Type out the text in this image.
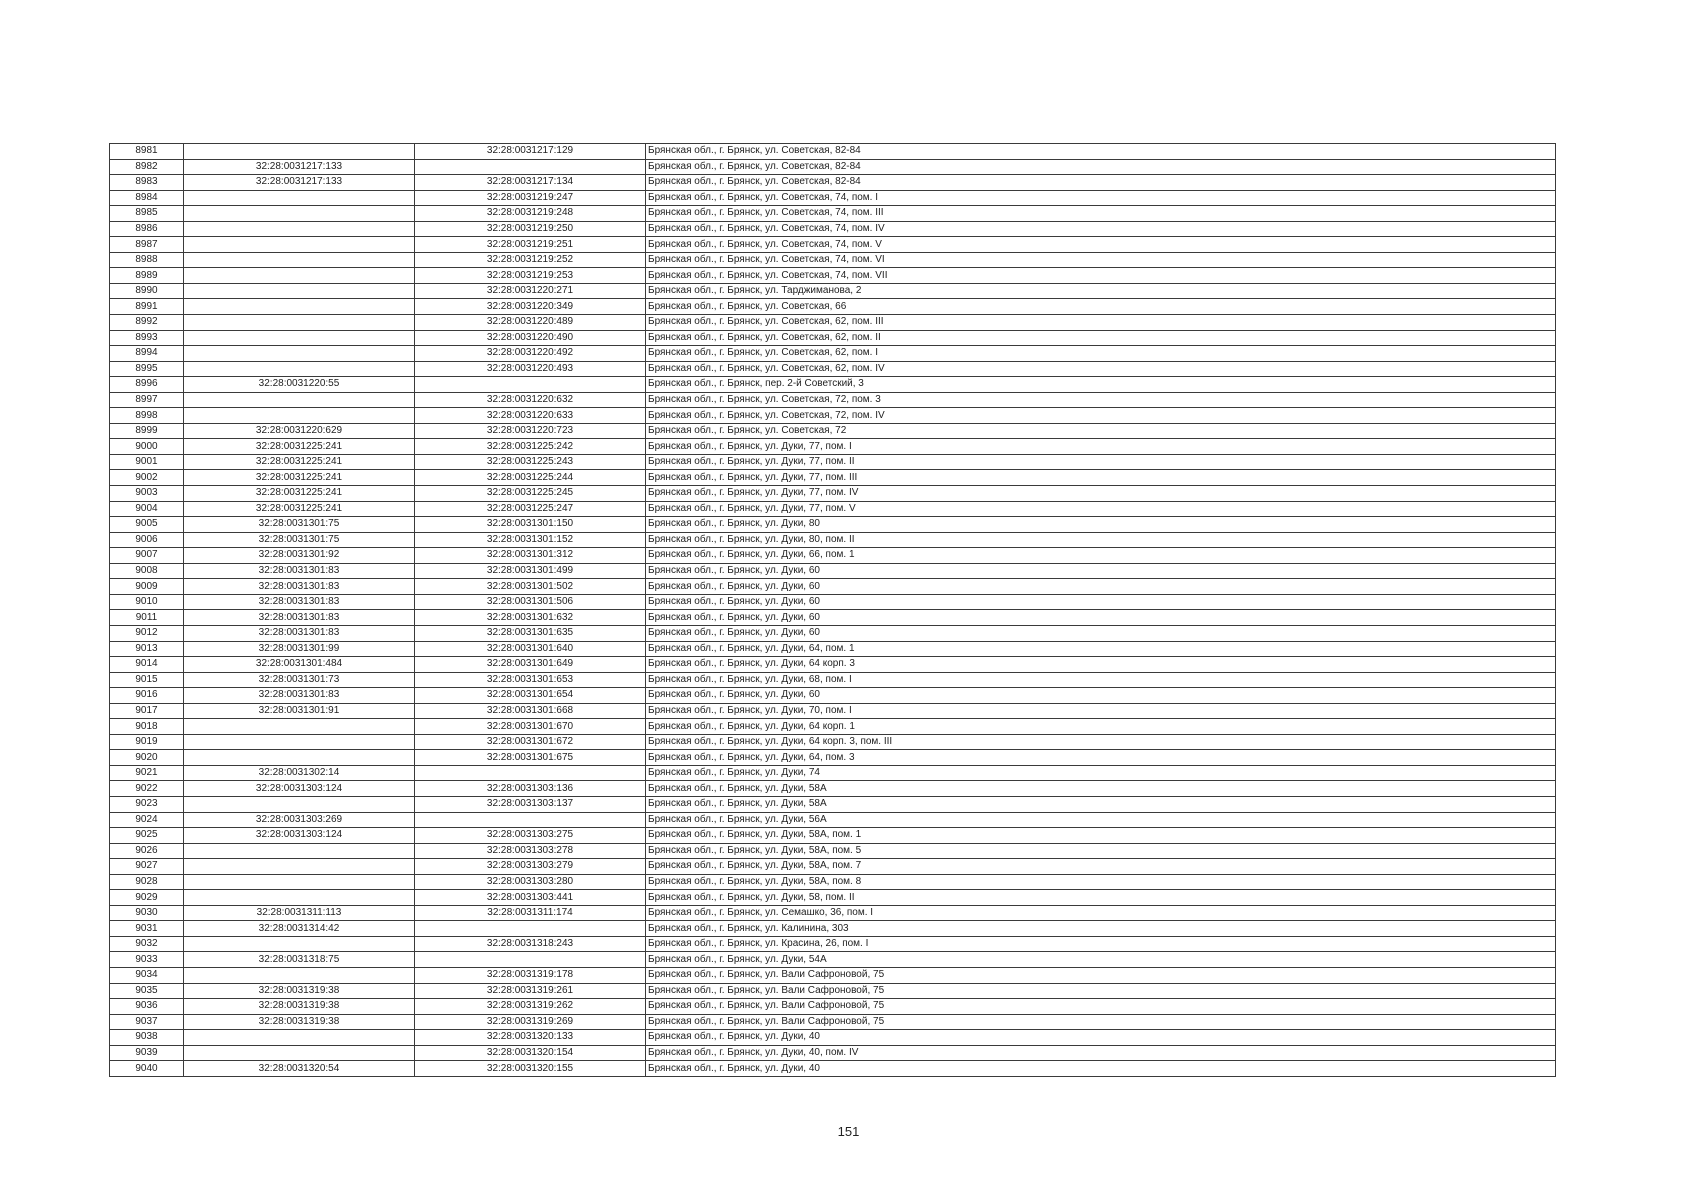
8981		32:28:0031217:129	Брянская обл., г. Брянск, ул. Советская, 82-84
8982	32:28:0031217:133		Брянская обл., г. Брянск, ул. Советская, 82-84
8983	32:28:0031217:133	32:28:0031217:134	Брянская обл., г. Брянск, ул. Советская, 82-84
8984		32:28:0031219:247	Брянская обл., г. Брянск, ул. Советская, 74, пом. I
8985		32:28:0031219:248	Брянская обл., г. Брянск, ул. Советская, 74, пом. III
8986		32:28:0031219:250	Брянская обл., г. Брянск, ул. Советская, 74, пом. IV
8987		32:28:0031219:251	Брянская обл., г. Брянск, ул. Советская, 74, пом. V
8988		32:28:0031219:252	Брянская обл., г. Брянск, ул. Советская, 74, пом. VI
8989		32:28:0031219:253	Брянская обл., г. Брянск, ул. Советская, 74, пом. VII
8990		32:28:0031220:271	Брянская обл., г. Брянск, ул. Тарджиманова, 2
8991		32:28:0031220:349	Брянская обл., г. Брянск, ул. Советская, 66
8992		32:28:0031220:489	Брянская обл., г. Брянск, ул. Советская, 62, пом. III
8993		32:28:0031220:490	Брянская обл., г. Брянск, ул. Советская, 62, пом. II
8994		32:28:0031220:492	Брянская обл., г. Брянск, ул. Советская, 62, пом. I
8995		32:28:0031220:493	Брянская обл., г. Брянск, ул. Советская, 62, пом. IV
8996	32:28:0031220:55		Брянская обл., г. Брянск, пер. 2-й Советский, 3
8997		32:28:0031220:632	Брянская обл., г. Брянск, ул. Советская, 72, пом. 3
8998		32:28:0031220:633	Брянская обл., г. Брянск, ул. Советская, 72, пом. IV
8999	32:28:0031220:629	32:28:0031220:723	Брянская обл., г. Брянск, ул. Советская, 72
9000	32:28:0031225:241	32:28:0031225:242	Брянская обл., г. Брянск, ул. Дуки, 77, пом. I
9001	32:28:0031225:241	32:28:0031225:243	Брянская обл., г. Брянск, ул. Дуки, 77, пом. II
9002	32:28:0031225:241	32:28:0031225:244	Брянская обл., г. Брянск, ул. Дуки, 77, пом. III
9003	32:28:0031225:241	32:28:0031225:245	Брянская обл., г. Брянск, ул. Дуки, 77, пом. IV
9004	32:28:0031225:241	32:28:0031225:247	Брянская обл., г. Брянск, ул. Дуки, 77, пом. V
9005	32:28:0031301:75	32:28:0031301:150	Брянская обл., г. Брянск, ул. Дуки, 80
9006	32:28:0031301:75	32:28:0031301:152	Брянская обл., г. Брянск, ул. Дуки, 80, пом. II
9007	32:28:0031301:92	32:28:0031301:312	Брянская обл., г. Брянск, ул. Дуки, 66, пом. 1
9008	32:28:0031301:83	32:28:0031301:499	Брянская обл., г. Брянск, ул. Дуки, 60
9009	32:28:0031301:83	32:28:0031301:502	Брянская обл., г. Брянск, ул. Дуки, 60
9010	32:28:0031301:83	32:28:0031301:506	Брянская обл., г. Брянск, ул. Дуки, 60
9011	32:28:0031301:83	32:28:0031301:632	Брянская обл., г. Брянск, ул. Дуки, 60
9012	32:28:0031301:83	32:28:0031301:635	Брянская обл., г. Брянск, ул. Дуки, 60
9013	32:28:0031301:99	32:28:0031301:640	Брянская обл., г. Брянск, ул. Дуки, 64, пом. 1
9014	32:28:0031301:484	32:28:0031301:649	Брянская обл., г. Брянск, ул. Дуки, 64 корп. 3
9015	32:28:0031301:73	32:28:0031301:653	Брянская обл., г. Брянск, ул. Дуки, 68, пом. I
9016	32:28:0031301:83	32:28:0031301:654	Брянская обл., г. Брянск, ул. Дуки, 60
9017	32:28:0031301:91	32:28:0031301:668	Брянская обл., г. Брянск, ул. Дуки, 70, пом. I
9018		32:28:0031301:670	Брянская обл., г. Брянск, ул. Дуки, 64 корп. 1
9019		32:28:0031301:672	Брянская обл., г. Брянск, ул. Дуки, 64 корп. 3, пом. III
9020		32:28:0031301:675	Брянская обл., г. Брянск, ул. Дуки, 64, пом. 3
9021	32:28:0031302:14		Брянская обл., г. Брянск, ул. Дуки, 74
9022	32:28:0031303:124	32:28:0031303:136	Брянская обл., г. Брянск, ул. Дуки, 58А
9023		32:28:0031303:137	Брянская обл., г. Брянск, ул. Дуки, 58А
9024	32:28:0031303:269		Брянская обл., г. Брянск, ул. Дуки, 56А
9025	32:28:0031303:124	32:28:0031303:275	Брянская обл., г. Брянск, ул. Дуки, 58А, пом. 1
9026		32:28:0031303:278	Брянская обл., г. Брянск, ул. Дуки, 58А, пом. 5
9027		32:28:0031303:279	Брянская обл., г. Брянск, ул. Дуки, 58А, пом. 7
9028		32:28:0031303:280	Брянская обл., г. Брянск, ул. Дуки, 58А, пом. 8
9029		32:28:0031303:441	Брянская обл., г. Брянск, ул. Дуки, 58, пом. II
9030	32:28:0031311:113	32:28:0031311:174	Брянская обл., г. Брянск, ул. Семашко, 36, пом. I
9031	32:28:0031314:42		Брянская обл., г. Брянск, ул. Калинина, 303
9032		32:28:0031318:243	Брянская обл., г. Брянск, ул. Красина, 26, пом. I
9033	32:28:0031318:75		Брянская обл., г. Брянск, ул. Дуки, 54А
9034		32:28:0031319:178	Брянская обл., г. Брянск, ул. Вали Сафроновой, 75
9035	32:28:0031319:38	32:28:0031319:261	Брянская обл., г. Брянск, ул. Вали Сафроновой, 75
9036	32:28:0031319:38	32:28:0031319:262	Брянская обл., г. Брянск, ул. Вали Сафроновой, 75
9037	32:28:0031319:38	32:28:0031319:269	Брянская обл., г. Брянск, ул. Вали Сафроновой, 75
9038		32:28:0031320:133	Брянская обл., г. Брянск, ул. Дуки, 40
9039		32:28:0031320:154	Брянская обл., г. Брянск, ул. Дуки, 40, пом. IV
9040	32:28:0031320:54	32:28:0031320:155	Брянская обл., г. Брянск, ул. Дуки, 40
151
